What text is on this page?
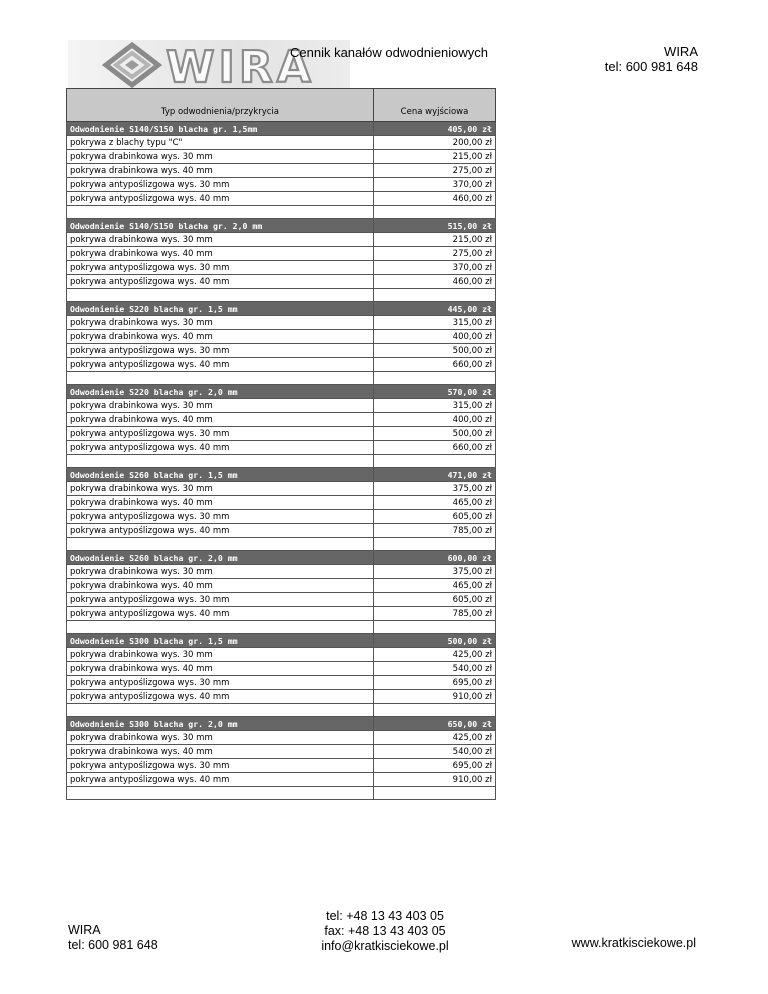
WIRA
Cennik kanałów odwodnieniowych	WIRA
tel: 600 981 648
Typ odwodnienia/przykrycia	Cena wyjściowa
Odwodnienie S140/S150 blacha gr. 1,5mm	405,00 zł
pokrywa z blachy typu "C"	200,00 zł
pokrywa drabinkowa wys. 30 mm	215,00 zł
pokrywa drabinkowa wys. 40 mm	275,00 zł
pokrywa antypoślizgowa wys. 30 mm	370,00 zł
pokrywa antypoślizgowa wys. 40 mm	460,00 zł

Odwodnienie S140/S150 blacha gr. 2,0 mm	515,00 zł
pokrywa drabinkowa wys. 30 mm	215,00 zł
pokrywa drabinkowa wys. 40 mm	275,00 zł
pokrywa antypoślizgowa wys. 30 mm	370,00 zł
pokrywa antypoślizgowa wys. 40 mm	460,00 zł

Odwodnienie S220 blacha gr. 1,5 mm	445,00 zł
pokrywa drabinkowa wys. 30 mm	315,00 zł
pokrywa drabinkowa wys. 40 mm	400,00 zł
pokrywa antypoślizgowa wys. 30 mm	500,00 zł
pokrywa antypoślizgowa wys. 40 mm	660,00 zł

Odwodnienie S220 blacha gr. 2,0 mm	570,00 zł
pokrywa drabinkowa wys. 30 mm	315,00 zł
pokrywa drabinkowa wys. 40 mm	400,00 zł
pokrywa antypoślizgowa wys. 30 mm	500,00 zł
pokrywa antypoślizgowa wys. 40 mm	660,00 zł

Odwodnienie S260 blacha gr. 1,5 mm	471,00 zł
pokrywa drabinkowa wys. 30 mm	375,00 zł
pokrywa drabinkowa wys. 40 mm	465,00 zł
pokrywa antypoślizgowa wys. 30 mm	605,00 zł
pokrywa antypoślizgowa wys. 40 mm	785,00 zł

Odwodnienie S260 blacha gr. 2,0 mm	600,00 zł
pokrywa drabinkowa wys. 30 mm	375,00 zł
pokrywa drabinkowa wys. 40 mm	465,00 zł
pokrywa antypoślizgowa wys. 30 mm	605,00 zł
pokrywa antypoślizgowa wys. 40 mm	785,00 zł

Odwodnienie S300 blacha gr. 1,5 mm	500,00 zł
pokrywa drabinkowa wys. 30 mm	425,00 zł
pokrywa drabinkowa wys. 40 mm	540,00 zł
pokrywa antypoślizgowa wys. 30 mm	695,00 zł
pokrywa antypoślizgowa wys. 40 mm	910,00 zł

Odwodnienie S300 blacha gr. 2,0 mm	650,00 zł
pokrywa drabinkowa wys. 30 mm	425,00 zł
pokrywa drabinkowa wys. 40 mm	540,00 zł
pokrywa antypoślizgowa wys. 30 mm	695,00 zł
pokrywa antypoślizgowa wys. 40 mm	910,00 zł

WIRA
tel: 600 981 648
tel: +48 13 43 403 05
fax: +48 13 43 403 05
info@kratkisciekowe.pl	www.kratkisciekowe.pl
